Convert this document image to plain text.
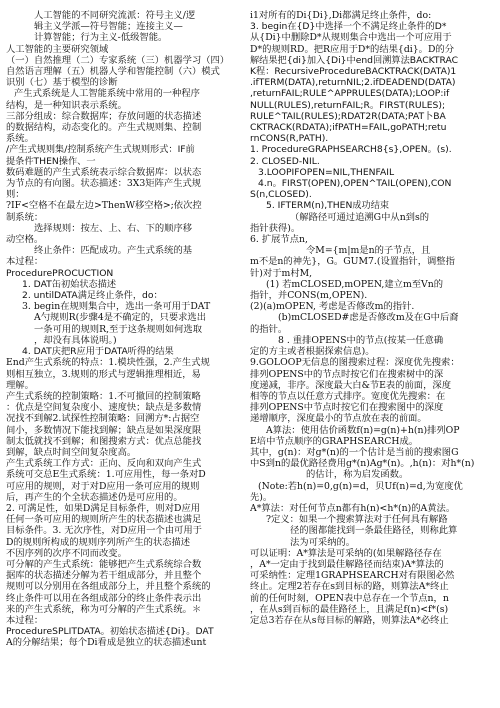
人工智能的不同研究流派：符号主义/逻
辑主义学派—符号智能；连接主义—
计算智能；行为主义-低级智能。
人工智能的主要研究领域
（一）自然推理（二）专家系统（三）机器学习（四）
自然语言理解（五）机器人学和智能控制（六）模式
识别（七）基于模型的诊断
产生式系统是人工智能系统中常用的一种程序
结构，是一种知识表示系统。
三部分组成：综合数据库；存放问题的状态描述
的数据结构，动态变化的。产生式规则集、控制
系统。
/产生式规则集/控制系统产生式规则形式：IF前
提条件THEN操作、一
数码难题的产生式系统表示综合数据库：以状态
为节点的有向图。状态描述：3X3矩阵产生式规
则：
?IF<空格不在最左边>ThenW移空格>;依次控
制系统：
选择规则：按左、上、右、下的顺序移
动空格。
终止条件：匹配成功。产生式系统的基
本过程：
ProcedurePROCUCTION
1. DAT缶初始状态描述
2. untilDATA满足终止条件，do：
3. begin在规则集合中，选出一条可用于DAT
A勺规则R(步骤4是不确定的，只要求选出
一条可用的规则R,至于这条规则如何选取
，却没有具体说明。)
4. DAT庆把R应用于DATA听得的结果
End产生式系统的特点：1.模块性强，2.产生式规
则相互独立，3.规则的形式与逻辑推理相近，易
理解。
产生式系统的控制策略：1.不可撤回的控制策略
：优点是空间复杂度小、速度快；缺点是多数情
况找不到解2.试探性控制策略：回溯方*:占据空
间小，多数情况下能找到解；缺点是如果深度限
制太低就找不到解；和图搜索方式：优点总能找
到解，缺点时间空间复杂度高。
产生式系统工作方式：正向、反向和双向产生式
系统可交总E生式系统：1.可应用性，每一条对D
可应用的规则，对于对D应用一条可应用的规则
后，再产生的个全状态描述仍是可应用的。
2. 可满足性，如果D满足目标条件，则对D应用
任何一条可应用的规则所产生的状态描述也满足
目标条件。3. 无次序性，对D应用一个由可用于
D的规则所构成的规则序列所产生的状态描述
不因序列的次序不同而改变。
可分解的产生式系统：能够把产生式系统综合数
据库的状态描述分解为若干组成部分，并且整个
规则可以分别用在各组成部分上，并且整个系统的
终止条件可以用在各组成部分的终止条件表示出
来的产生式系统，称为可分解的产生式系统。＊
本过程：
ProcedureSPLITDATA。初始状态描述{Di}。DAT
A的分解结果；每个Di看成是独立的状态描述unt
i1对所有的Di{Di},Di都满足终止条件，do:
3. begin在{D}中选择一个不满足终止条件的D*
从{Di}中删除D*从规则集合中选出一个可应用于
D*的规则RD。把R应用于D*的结果{di}。D的分
解结果把{di}加入{Di}中end回溯算法BACKTRAC
K程：RecursiveProcedureBACKTRACK(DATA)1
.ifTERM(DATA),returnNIL;2.ifDEADEND(DATA)
,returnFAIL;RULE^APPRULES(DATA);LOOP:if
NULL(RULES),returnFAIL;R。FIRST(RULES);
RULE^TAIL(RULES);RDAT2R(DATA;PAT卜BA
CKTRACK(RDATA);ifPATH=FAIL,goPATH;retu
rnCONS(R,PATH).
1. ProcedureGRAPHSEARCH8{s},OPEN。(s).
2. CLOSED-NIL.
3.LOOPIFOPEN=NIL,THENFAIL
4.n。FIRST(OPEN),OPEN^TAIL(OPEN),CON
S(n,CLOSED).
5. IFTERM(n),THEN成功结束
（解路径可通过追溯G中从n到s的
指针获得)。
6. 扩展节点n,
令M={m|m是n的子节点，且
m不是n的神先}，G。GUM7.(设置指针，调整指
针)对于m村M,
(1) 若mCLOSED,mOPEN,建立m至Vn的
指针，并CONS(m,OPEN).
(2)(a)mOPEN, 考虑是否修改m的指针.
(b)mCLOSED#虑是否修改m及在G中后裔
的指针。
8 . 重排OPENS中的节点(按某一任意确
定的方主或者根据探索信息)。
9.GOLOOP无信息的图搜索过程：深度优先搜索：
排列OPENS中的节点时按它们在搜索树中的深
度递减，非序。深度最大白&节E表的前面，深度
相等的节点以任意方式排序。宽度优先搜索：在
排列OPENS中节点时按它们在搜索图中的深度
递增顺序，深度最小的节点放在表的前面。
A算法：使用估价函数f(n)=g(n)+h(n)排列OP
E培中节点顺序的GRAPHSEARCH成。
其中，g(n)：对g*(n)的一个估计是当前的搜索图G
中S到n的最优路径费用g*(n)Ag*(n)。,h(n)：对h*(n)
的估计，称为启发函数。
(Note:若h(n)=0,g(n)=d，贝Uf(n)=d,为宽度优
先)。
A*算法：对任何节点n都有h(n)<h*(n)的A黄法。
?定义：如果一个搜索算法对于任何具有解路
径的图都能找到一条最佳路径，则称此算
法为可采纳的。
可以证明：A*算法是可采纳的(如果解路径存在
，A*一定由于找到最佳解路径而结束)A*算法的
可采纳性：定理1GRAPHSEARCH对有限图必然
终止。定理2若存在s到目标的路，则算法A*终止
前的任何时刻，OPEN表中总存在一个节点n，n
，在从s到百标的最佳路径上，且满足f(n)<f*(s)
定总3若存在从s每目标的解路，则算法A*必终止
